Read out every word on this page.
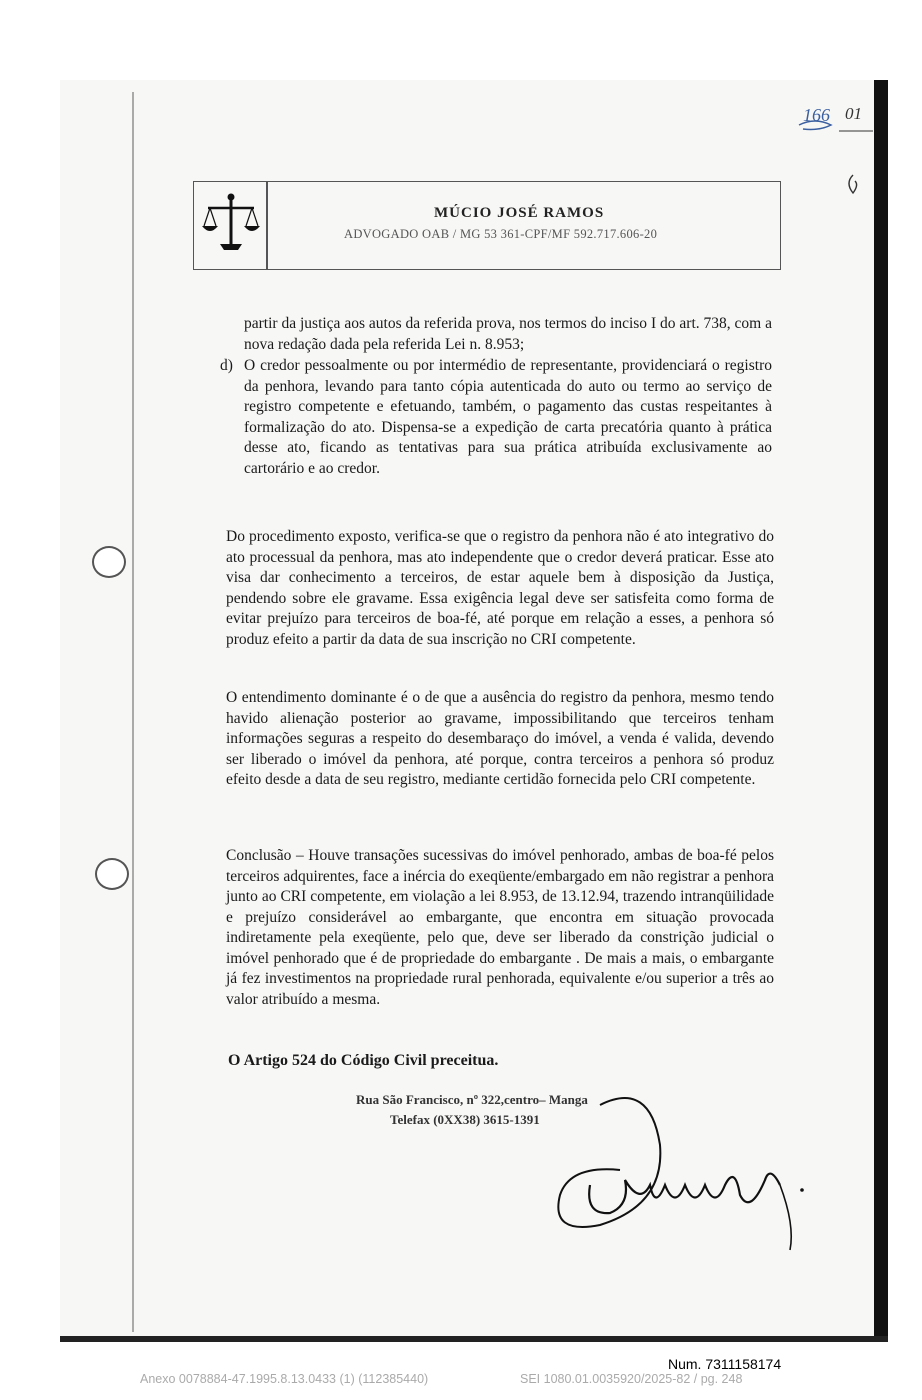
166 01
MÚCIO JOSÉ RAMOS
ADVOGADO OAB / MG 53 361-CPF/MF 592.717.606-20
partir da justiça aos autos da referida prova, nos termos do inciso I do art. 738, com a nova redação dada pela referida Lei n. 8.953;
d) O credor pessoalmente ou por intermédio de representante, providenciará o registro da penhora, levando para tanto cópia autenticada do auto ou termo ao serviço de registro competente e efetuando, também, o pagamento das custas respeitantes à formalização do ato. Dispensa-se a expedição de carta precatória quanto à prática desse ato, ficando as tentativas para sua prática atribuída exclusivamente ao cartorário e ao credor.
Do procedimento exposto, verifica-se que o registro da penhora não é ato integrativo do ato processual da penhora, mas ato independente que o credor deverá praticar. Esse ato visa dar conhecimento a terceiros, de estar aquele bem à disposição da Justiça, pendendo sobre ele gravame. Essa exigência legal deve ser satisfeita como forma de evitar prejuízo para terceiros de boa-fé, até porque em relação a esses, a penhora só produz efeito a partir da data de sua inscrição no CRI competente.
O entendimento dominante é o de que a ausência do registro da penhora, mesmo tendo havido alienação posterior ao gravame, impossibilitando que terceiros tenham informações seguras a respeito do desembaraço do imóvel, a venda é valida, devendo ser liberado o imóvel da penhora, até porque, contra terceiros a penhora só produz efeito desde a data de seu registro, mediante certidão fornecida pelo CRI competente.
Conclusão – Houve transações sucessivas do imóvel penhorado, ambas de boa-fé pelos terceiros adquirentes, face a inércia do exeqüente/embargado em não registrar a penhora junto ao CRI competente, em violação a lei 8.953, de 13.12.94, trazendo intranqüilidade e prejuízo considerável ao embargante, que encontra em situação provocada indiretamente pela exeqüente, pelo que, deve ser liberado da constrição judicial o imóvel penhorado que é de propriedade do embargante . De mais a mais, o embargante já fez investimentos na propriedade rural penhorada, equivalente e/ou superior a três ao valor atribuído a mesma.
O Artigo 524 do Código Civil preceitua.
Rua São Francisco, nº 322,centro– Manga
Telefax (0XX38) 3615-1391
Num. 7311158174
Anexo 0078884-47.1995.8.13.0433 (1) (112385440)	SEI 1080.01.0035920/2025-82 / pg. 248
